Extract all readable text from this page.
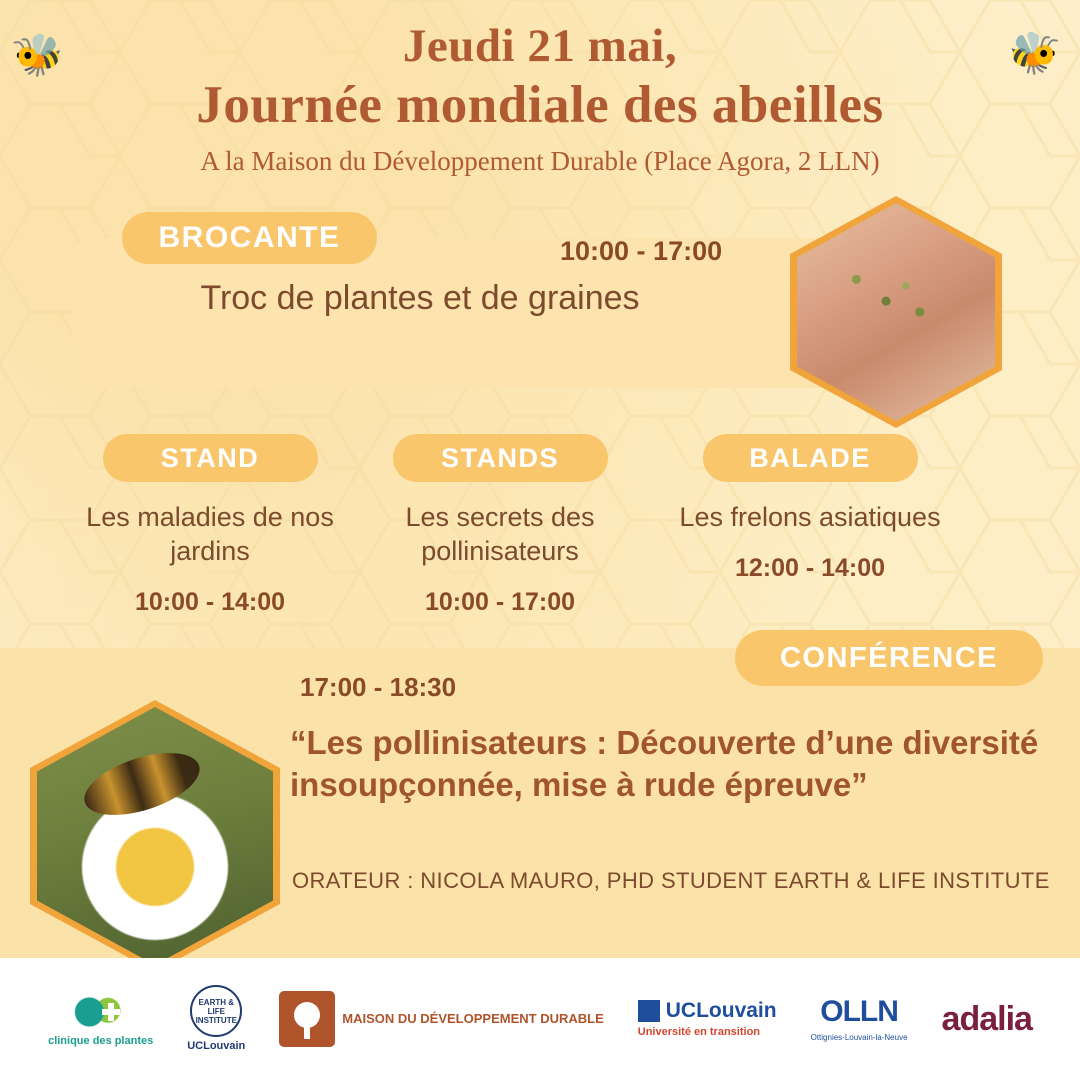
Jeudi 21 mai,
Journée mondiale des abeilles
A la Maison du Développement Durable (Place Agora, 2 LLN)
🐝	🐝
BROCANTE	10:00 - 17:00
Troc de plantes et de graines
STAND
Les maladies de nos jardins
10:00 - 14:00
STANDS
Les secrets des pollinisateurs
10:00 - 17:00
BALADE
Les frelons asiatiques
12:00 - 14:00
CONFÉRENCE
17:00 - 18:30
“Les pollinisateurs : Découverte d’une diversité insoupçonnée, mise à rude épreuve”
ORATEUR : NICOLA MAURO, PHD STUDENT EARTH & LIFE INSTITUTE
clinique des plantes
EARTH & LIFE INSTITUTE
UCLouvain
MAISON DU DÉVELOPPEMENT DURABLE	UCLouvain
Université en transition
OLLN
Ottignies-Louvain-la-Neuve adalia
